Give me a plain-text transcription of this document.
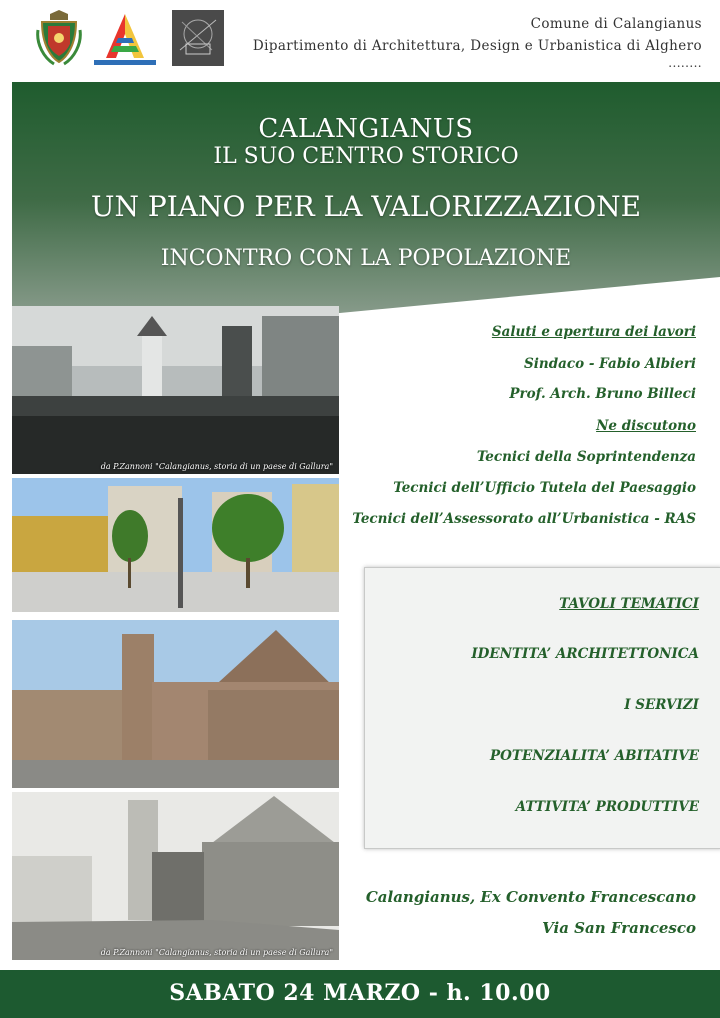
Comune di Calangianus
Dipartimento di Architettura, Design e Urbanistica di Alghero
........
CALANGIANUS
IL SUO CENTRO STORICO
UN PIANO PER LA VALORIZZAZIONE
INCONTRO CON LA POPOLAZIONE
da P.Zannoni "Calangianus, storia di un paese di Gallura"
da P.Zannoni "Calangianus, storia di un paese di Gallura"
Saluti e apertura dei lavori
Sindaco - Fabio Albieri
Prof. Arch. Bruno Billeci
Ne discutono
Tecnici della Soprintendenza
Tecnici dell’Ufficio Tutela del Paesaggio
Tecnici dell’Assessorato all’Urbanistica - RAS
TAVOLI TEMATICI
IDENTITA’ ARCHITETTONICA
I SERVIZI
POTENZIALITA’ ABITATIVE
ATTIVITA’ PRODUTTIVE
Calangianus, Ex Convento Francescano
Via San Francesco
SABATO 24 MARZO - h. 10.00
